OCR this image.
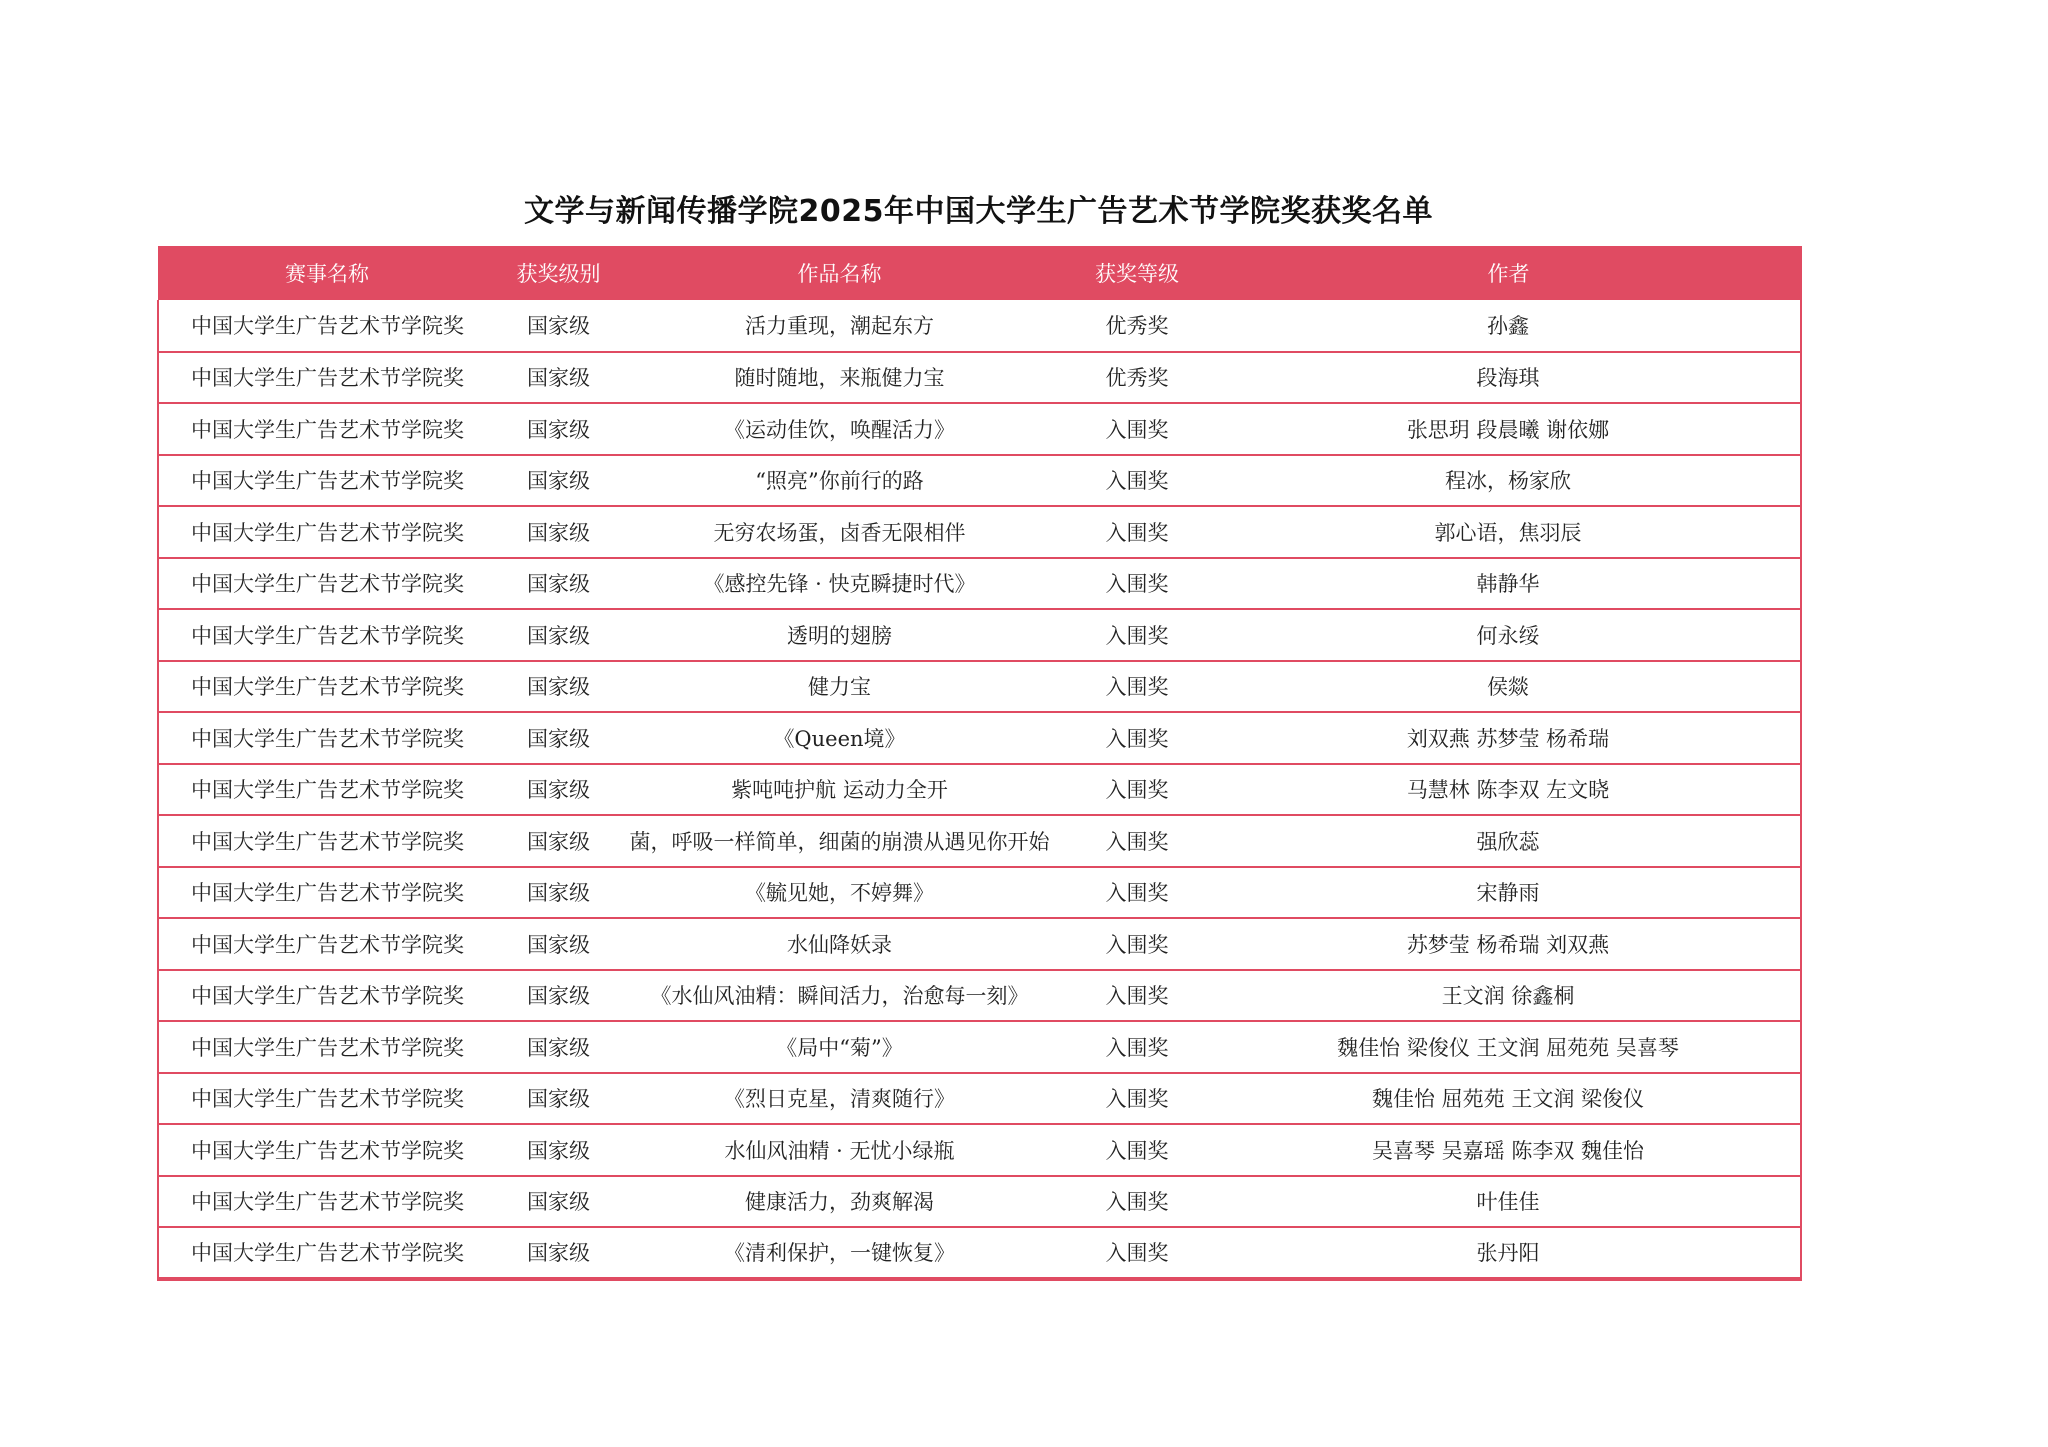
文学与新闻传播学院2025年中国大学生广告艺术节学院奖获奖名单
赛事名称	获奖级别	作品名称	获奖等级	作者
中国大学生广告艺术节学院奖	国家级	活力重现，潮起东方	优秀奖	孙鑫
中国大学生广告艺术节学院奖	国家级	随时随地，来瓶健力宝	优秀奖	段海琪
中国大学生广告艺术节学院奖	国家级	《运动佳饮，唤醒活力》	入围奖	张思玥 段晨曦 谢依娜
中国大学生广告艺术节学院奖	国家级	“照亮”你前行的路	入围奖	程冰，杨家欣
中国大学生广告艺术节学院奖	国家级	无穷农场蛋，卤香无限相伴	入围奖	郭心语，焦羽辰
中国大学生广告艺术节学院奖	国家级	《感控先锋 · 快克瞬捷时代》	入围奖	韩静华
中国大学生广告艺术节学院奖	国家级	透明的翅膀	入围奖	何永绥
中国大学生广告艺术节学院奖	国家级	健力宝	入围奖	侯燚
中国大学生广告艺术节学院奖	国家级	《Queen境》	入围奖	刘双燕 苏梦莹 杨希瑞
中国大学生广告艺术节学院奖	国家级	紫吨吨护航 运动力全开	入围奖	马慧林 陈李双 左文晓
中国大学生广告艺术节学院奖	国家级	菌，呼吸一样简单，细菌的崩溃从遇见你开始	入围奖	强欣蕊
中国大学生广告艺术节学院奖	国家级	《毓见她，不婷舞》	入围奖	宋静雨
中国大学生广告艺术节学院奖	国家级	水仙降妖录	入围奖	苏梦莹 杨希瑞 刘双燕
中国大学生广告艺术节学院奖	国家级	《水仙风油精：瞬间活力，治愈每一刻》	入围奖	王文润 徐鑫桐
中国大学生广告艺术节学院奖	国家级	《局中“菊”》	入围奖	魏佳怡 梁俊仪 王文润 屈苑苑 吴喜琴
中国大学生广告艺术节学院奖	国家级	《烈日克星，清爽随行》	入围奖	魏佳怡 屈苑苑 王文润 梁俊仪
中国大学生广告艺术节学院奖	国家级	水仙风油精 · 无忧小绿瓶	入围奖	吴喜琴 吴嘉瑶 陈李双 魏佳怡
中国大学生广告艺术节学院奖	国家级	健康活力，劲爽解渴	入围奖	叶佳佳
中国大学生广告艺术节学院奖	国家级	《清利保护，一键恢复》	入围奖	张丹阳
